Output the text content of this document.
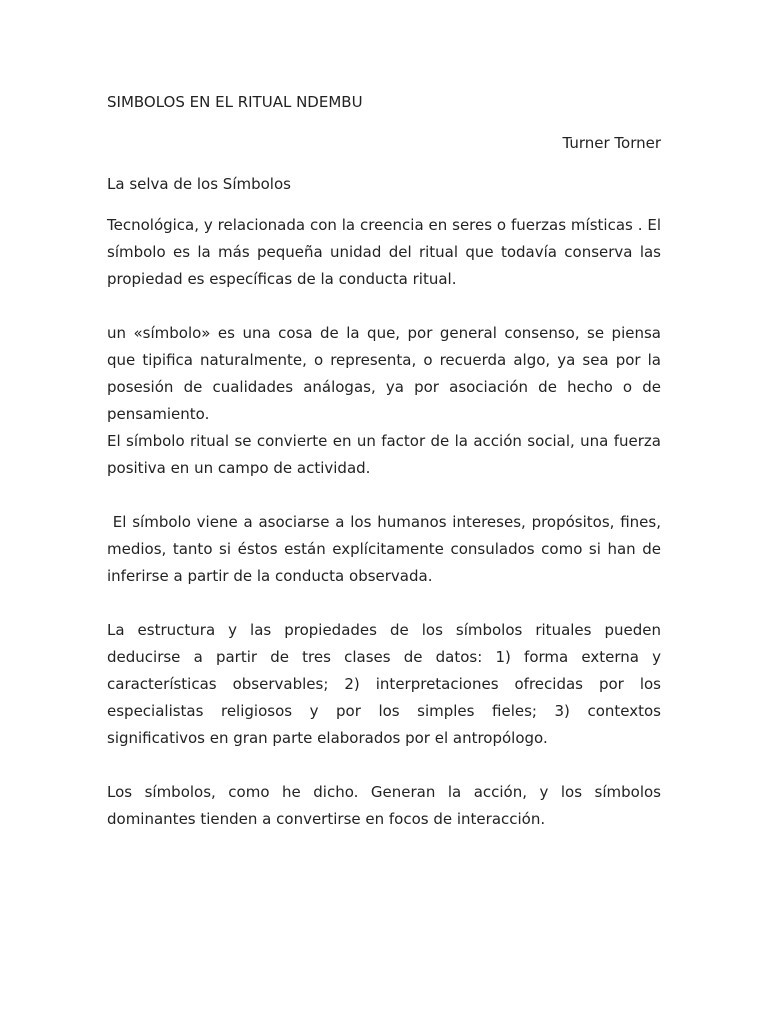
SIMBOLOS EN EL RITUAL NDEMBU

Turner Torner

La selva de los Símbolos

Tecnológica, y relacionada con la creencia en seres o fuerzas místicas . El símbolo es la más pequeña unidad del ritual que todavía conserva las propiedad es específicas de la conducta ritual.

un «símbolo» es una cosa de la que, por general consenso, se piensa que tipifica naturalmente, o representa, o recuerda algo, ya sea por la posesión de cualidades análogas, ya por asociación de hecho o de pensamiento.

El símbolo ritual se convierte en un factor de la acción social, una fuerza positiva en un campo de actividad.

El símbolo viene a asociarse a los humanos intereses, propósitos, fines, medios, tanto si éstos están explícitamente consulados como si han de inferirse a partir de la conducta observada.

La estructura y las propiedades de los símbolos rituales pueden deducirse a partir de tres clases de datos: 1) forma externa y características observables; 2) interpretaciones ofrecidas por los especialistas religiosos y por los simples fieles; 3) contextos significativos en gran parte elaborados por el antropólogo.

Los símbolos, como he dicho. Generan la acción, y los símbolos dominantes tienden a convertirse en focos de interacción.
